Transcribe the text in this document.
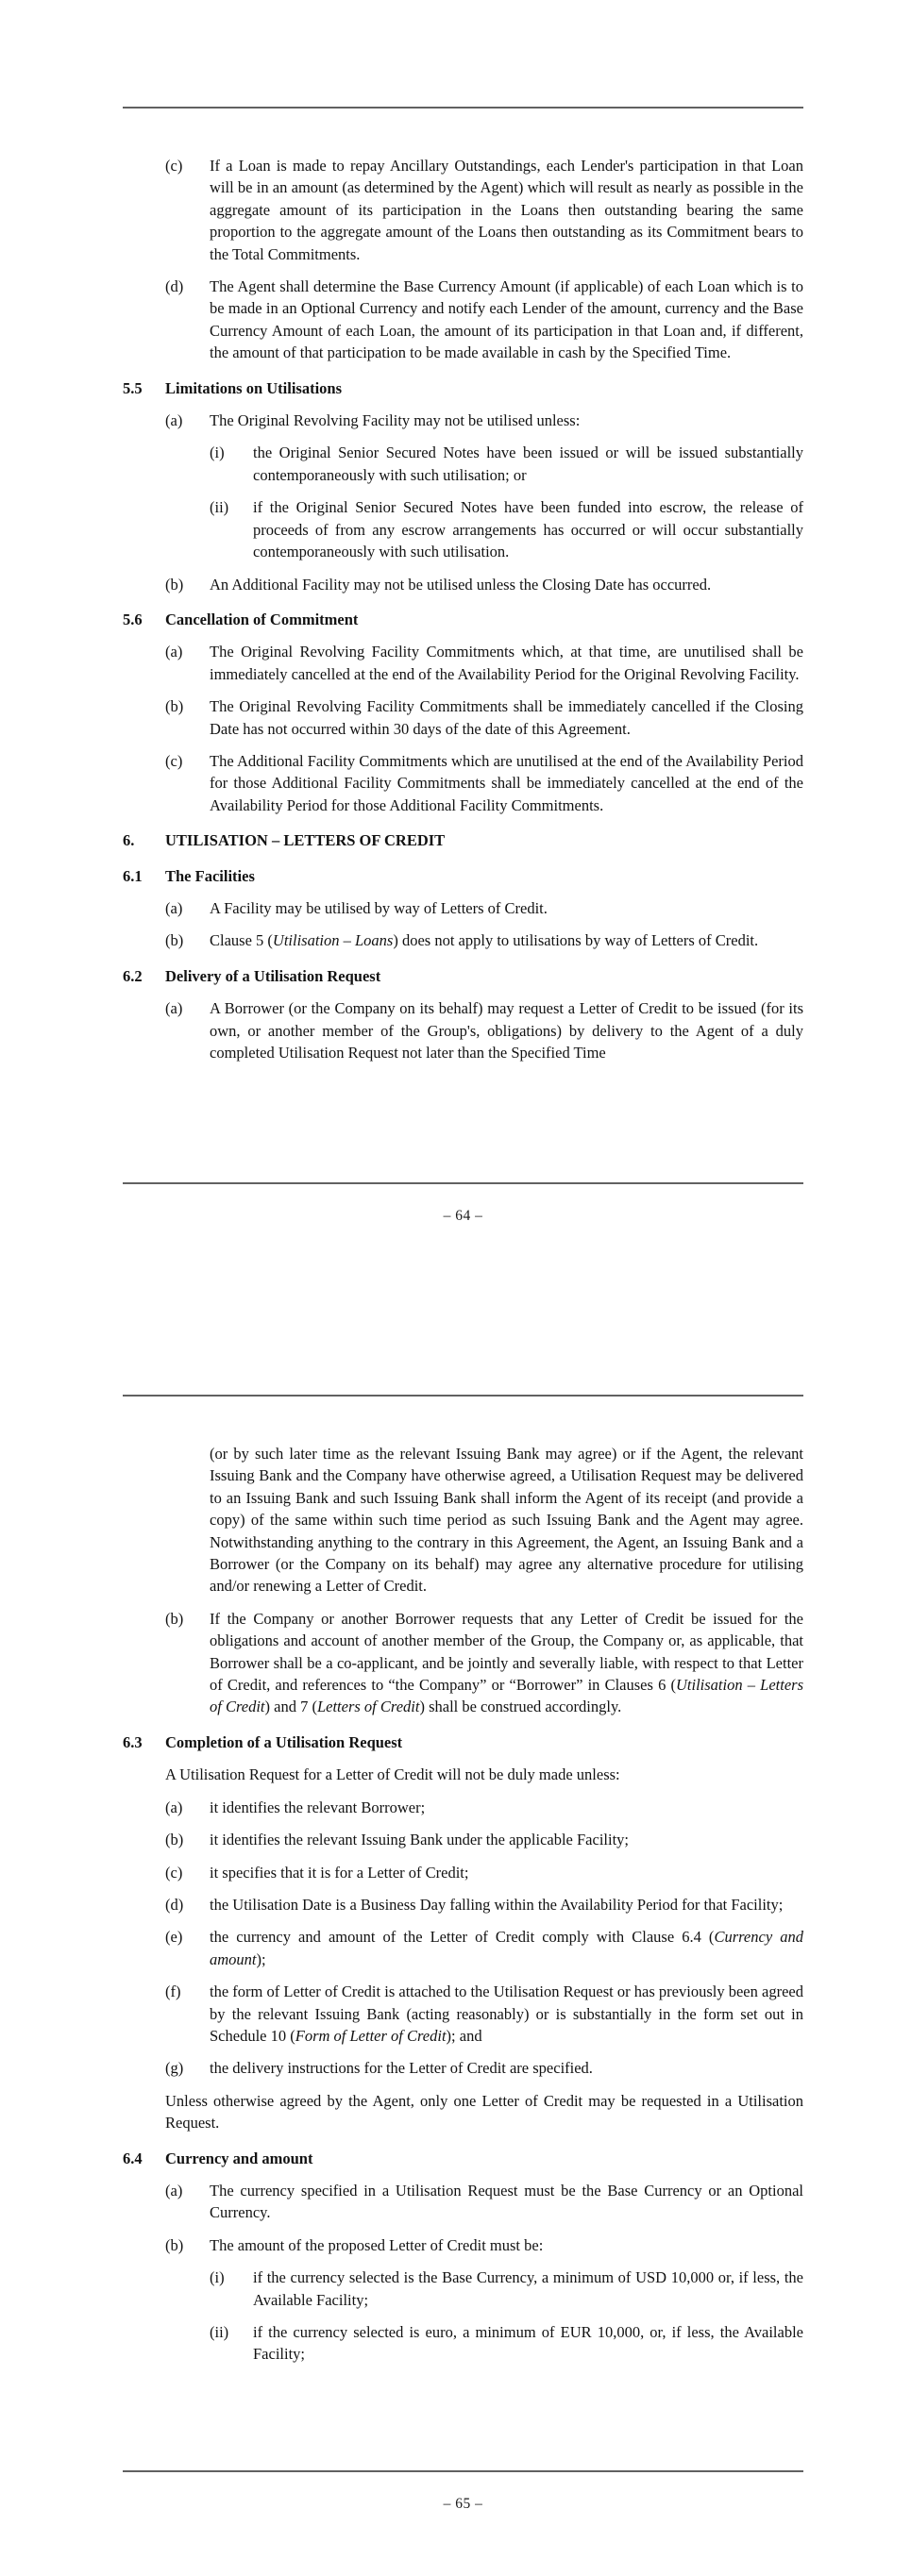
(c)	If a Loan is made to repay Ancillary Outstandings, each Lender's participation in that Loan will be in an amount (as determined by the Agent) which will result as nearly as possible in the aggregate amount of its participation in the Loans then outstanding bearing the same proportion to the aggregate amount of the Loans then outstanding as its Commitment bears to the Total Commitments.
(d)	The Agent shall determine the Base Currency Amount (if applicable) of each Loan which is to be made in an Optional Currency and notify each Lender of the amount, currency and the Base Currency Amount of each Loan, the amount of its participation in that Loan and, if different, the amount of that participation to be made available in cash by the Specified Time.
5.5	Limitations on Utilisations
(a)	The Original Revolving Facility may not be utilised unless:
(i)	the Original Senior Secured Notes have been issued or will be issued substantially contemporaneously with such utilisation; or
(ii)	if the Original Senior Secured Notes have been funded into escrow, the release of proceeds of from any escrow arrangements has occurred or will occur substantially contemporaneously with such utilisation.
(b)	An Additional Facility may not be utilised unless the Closing Date has occurred.
5.6	Cancellation of Commitment
(a)	The Original Revolving Facility Commitments which, at that time, are unutilised shall be immediately cancelled at the end of the Availability Period for the Original Revolving Facility.
(b)	The Original Revolving Facility Commitments shall be immediately cancelled if the Closing Date has not occurred within 30 days of the date of this Agreement.
(c)	The Additional Facility Commitments which are unutilised at the end of the Availability Period for those Additional Facility Commitments shall be immediately cancelled at the end of the Availability Period for those Additional Facility Commitments.
6.	UTILISATION – LETTERS OF CREDIT
6.1	The Facilities
(a)	A Facility may be utilised by way of Letters of Credit.
(b)	Clause 5 (Utilisation – Loans) does not apply to utilisations by way of Letters of Credit.
6.2	Delivery of a Utilisation Request
(a)	A Borrower (or the Company on its behalf) may request a Letter of Credit to be issued (for its own, or another member of the Group's, obligations) by delivery to the Agent of a duly completed Utilisation Request not later than the Specified Time
– 64 –
(or by such later time as the relevant Issuing Bank may agree) or if the Agent, the relevant Issuing Bank and the Company have otherwise agreed, a Utilisation Request may be delivered to an Issuing Bank and such Issuing Bank shall inform the Agent of its receipt (and provide a copy) of the same within such time period as such Issuing Bank and the Agent may agree. Notwithstanding anything to the contrary in this Agreement, the Agent, an Issuing Bank and a Borrower (or the Company on its behalf) may agree any alternative procedure for utilising and/or renewing a Letter of Credit.
(b)	If the Company or another Borrower requests that any Letter of Credit be issued for the obligations and account of another member of the Group, the Company or, as applicable, that Borrower shall be a co-applicant, and be jointly and severally liable, with respect to that Letter of Credit, and references to “the Company” or “Borrower” in Clauses 6 (Utilisation – Letters of Credit) and 7 (Letters of Credit) shall be construed accordingly.
6.3	Completion of a Utilisation Request
A Utilisation Request for a Letter of Credit will not be duly made unless:
(a)	it identifies the relevant Borrower;
(b)	it identifies the relevant Issuing Bank under the applicable Facility;
(c)	it specifies that it is for a Letter of Credit;
(d)	the Utilisation Date is a Business Day falling within the Availability Period for that Facility;
(e)	the currency and amount of the Letter of Credit comply with Clause 6.4 (Currency and amount);
(f)	the form of Letter of Credit is attached to the Utilisation Request or has previously been agreed by the relevant Issuing Bank (acting reasonably) or is substantially in the form set out in Schedule 10 (Form of Letter of Credit); and
(g)	the delivery instructions for the Letter of Credit are specified.
Unless otherwise agreed by the Agent, only one Letter of Credit may be requested in a Utilisation Request.
6.4	Currency and amount
(a)	The currency specified in a Utilisation Request must be the Base Currency or an Optional Currency.
(b)	The amount of the proposed Letter of Credit must be:
(i)	if the currency selected is the Base Currency, a minimum of USD 10,000 or, if less, the Available Facility;
(ii)	if the currency selected is euro, a minimum of EUR 10,000, or, if less, the Available Facility;
– 65 –
